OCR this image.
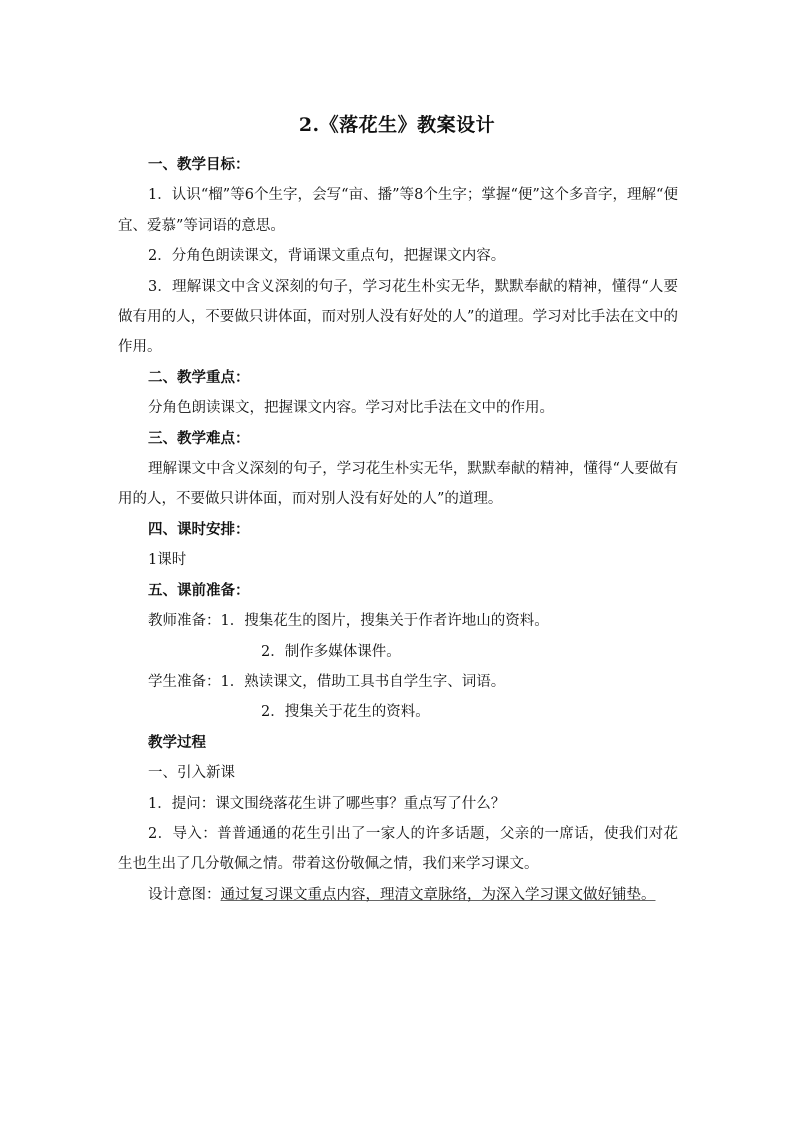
2.《落花生》教案设计

一、教学目标：

1．认识“榴”等6个生字，会写“亩、播”等8个生字；掌握“便”这个多音字，理解“便宜、爱慕”等词语的意思。

2．分角色朗读课文，背诵课文重点句，把握课文内容。

3．理解课文中含义深刻的句子，学习花生朴实无华，默默奉献的精神，懂得“人要做有用的人，不要做只讲体面，而对别人没有好处的人”的道理。学习对比手法在文中的作用。

二、教学重点：

分角色朗读课文，把握课文内容。学习对比手法在文中的作用。

三、教学难点：

理解课文中含义深刻的句子，学习花生朴实无华，默默奉献的精神，懂得“人要做有用的人，不要做只讲体面，而对别人没有好处的人”的道理。

四、课时安排：

1课时

五、课前准备：

教师准备：1．搜集花生的图片，搜集关于作者许地山的资料。

2．制作多媒体课件。

学生准备：1．熟读课文，借助工具书自学生字、词语。

2．搜集关于花生的资料。

教学过程

一、引入新课

1．提问：课文围绕落花生讲了哪些事？重点写了什么？

2．导入：普普通通的花生引出了一家人的许多话题，父亲的一席话，使我们对花生也生出了几分敬佩之情。带着这份敬佩之情，我们来学习课文。

设计意图：通过复习课文重点内容，理清文章脉络，为深入学习课文做好铺垫。
